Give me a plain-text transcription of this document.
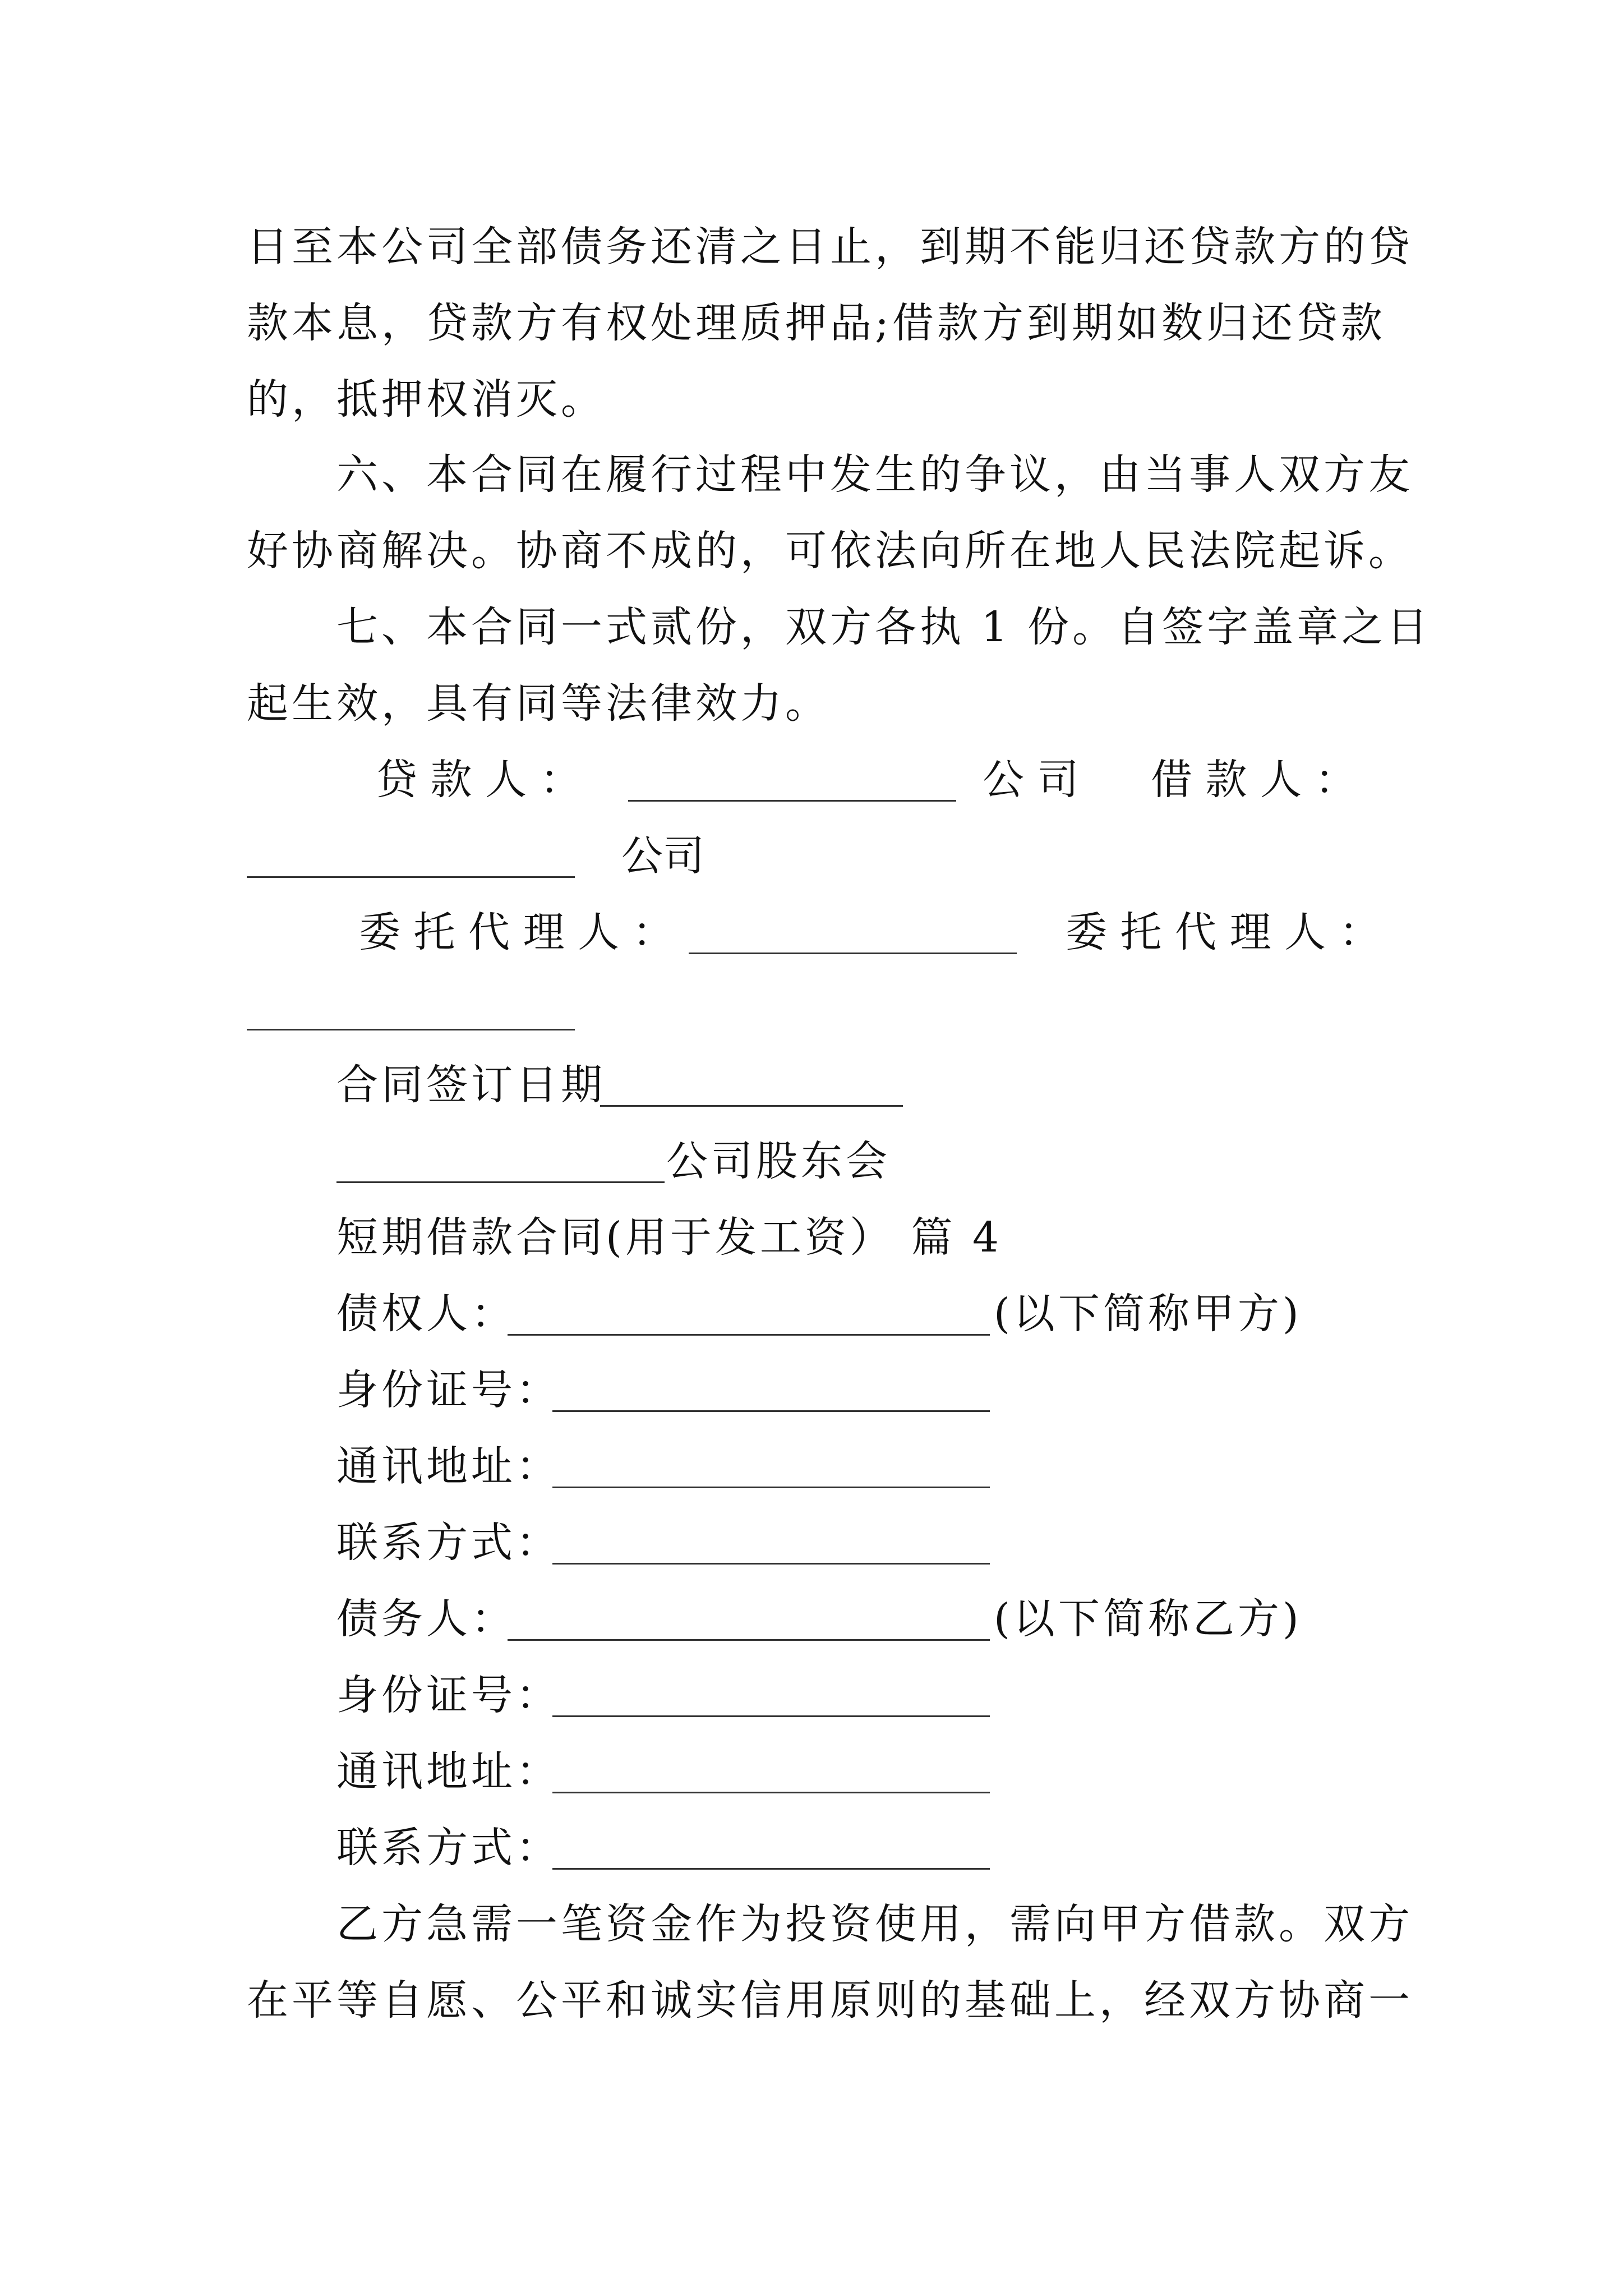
日至本公司全部债务还清之日止，到期不能归还贷款方的贷
款本息，贷款方有权处理质押品;借款方到期如数归还贷款
的，抵押权消灭。
六、本合同在履行过程中发生的争议，由当事人双方友
好协商解决。协商不成的，可依法向所在地人民法院起诉。
七、本合同一式贰份，双方各执 1 份。自签字盖章之日
起生效，具有同等法律效力。
贷 款 人 ：	公 司 借 款 人 ：
公司
委 托 代 理 人 ：	委 托 代 理 人 ：
合同签订日期
公司股东会
短期借款合同(用于发工资） 篇 4
债权人：	(以下简称甲方)
身份证号：
通讯地址：
联系方式：
债务人：	(以下简称乙方)
身份证号：
通讯地址：
联系方式：
乙方急需一笔资金作为投资使用，需向甲方借款。双方
在平等自愿、公平和诚实信用原则的基础上，经双方协商一
